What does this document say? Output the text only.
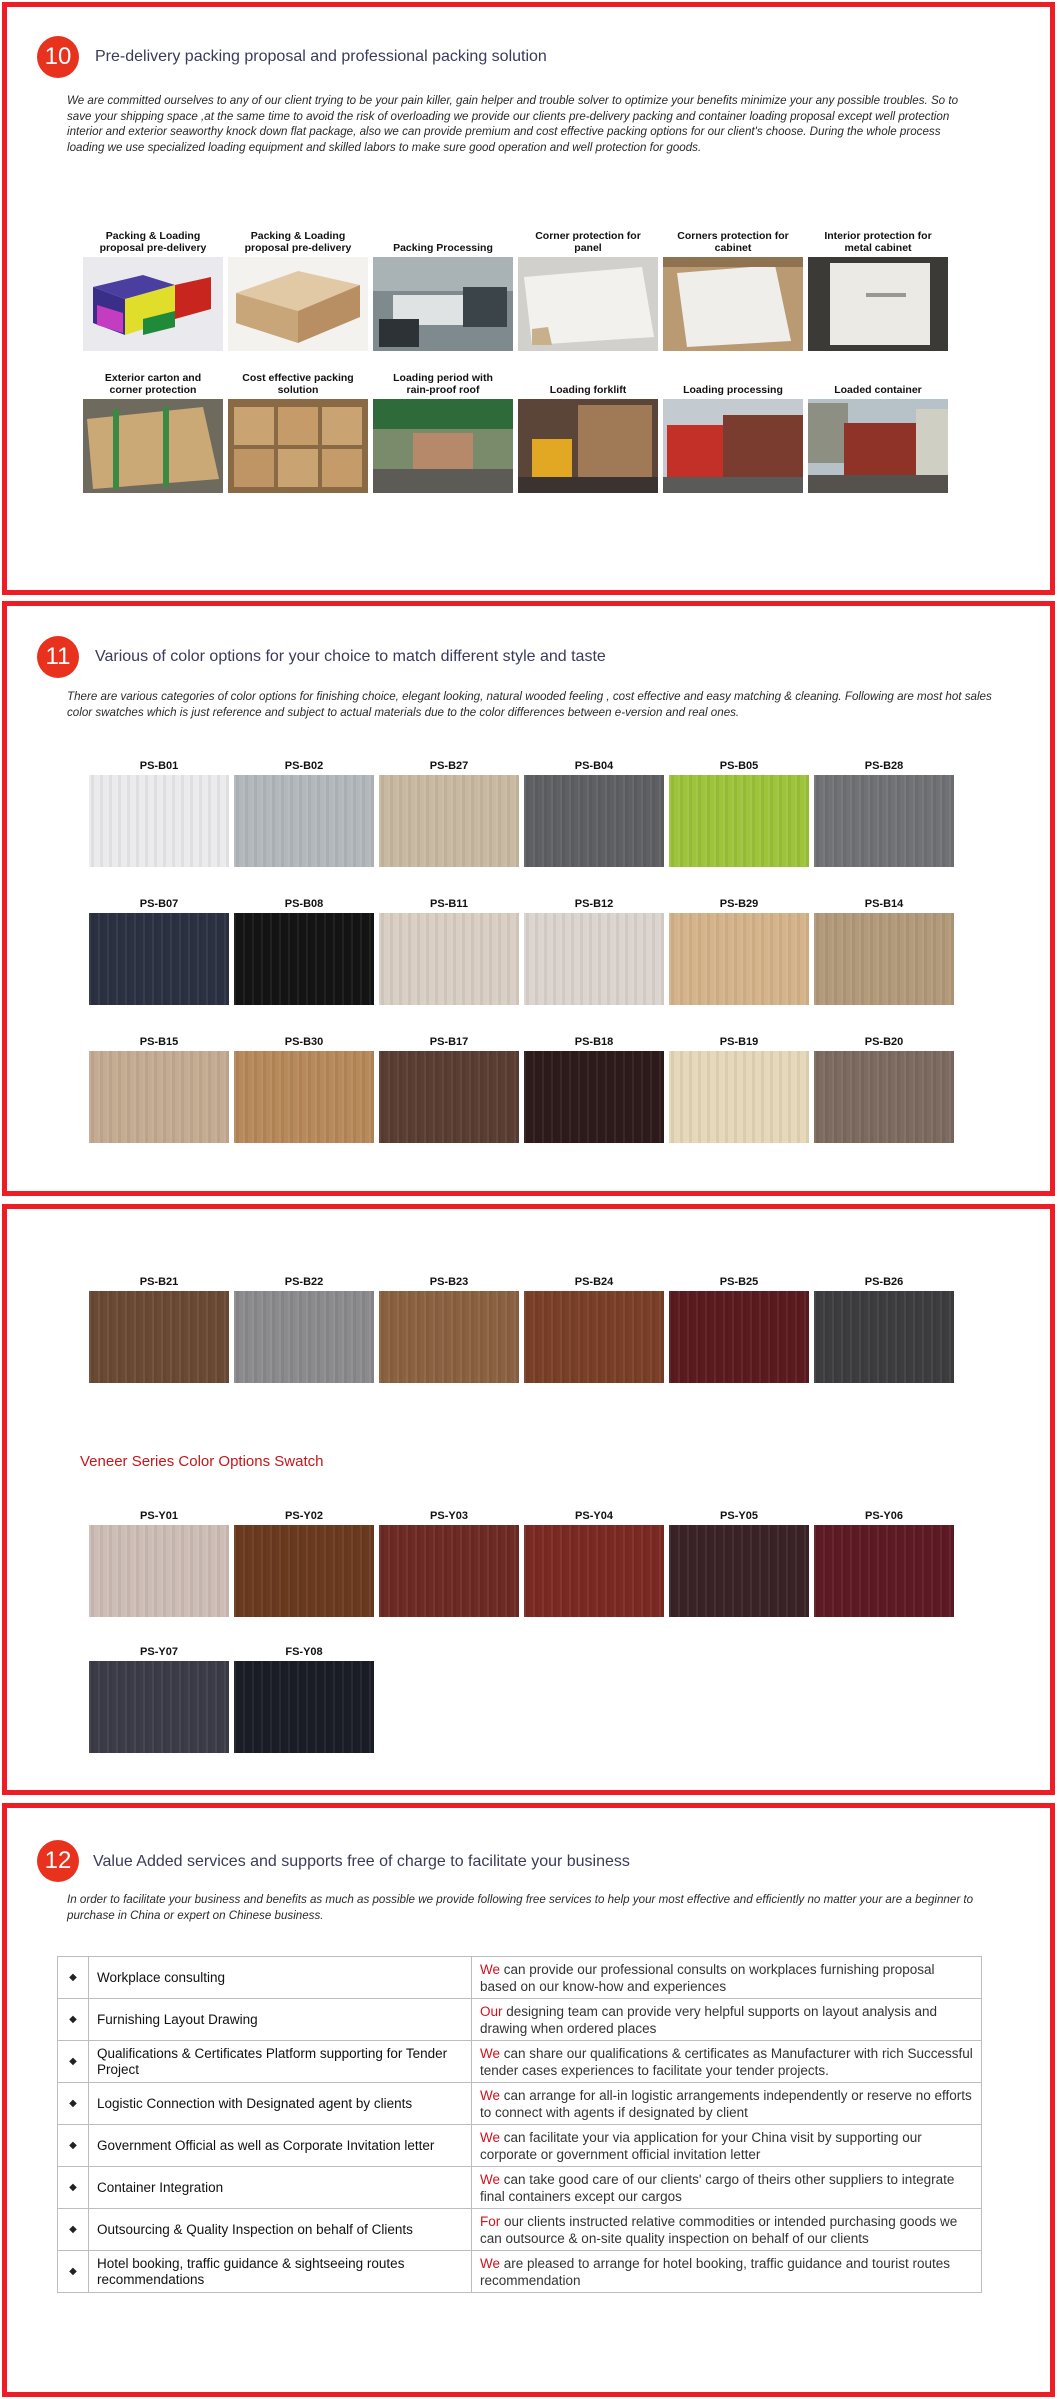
10	Pre-delivery packing proposal and professional packing solution
We are committed ourselves to any of our client trying to be your pain killer, gain helper and trouble solver to optimize your benefits minimize your any possible troubles. So to save your shipping space ,at the same time to avoid the risk of overloading we provide our clients pre-delivery packing and container loading proposal except well protection interior and exterior seaworthy knock down flat package, also we can provide premium and cost effective packing options for our client's choose. During the whole process loading we use specialized loading equipment and skilled labors to make sure good operation and well protection for goods.
Packing & Loading
proposal pre-delivery
Packing & Loading
proposal pre-delivery	Packing Processing
Corner protection for
panel
Corners protection for
cabinet
Interior protection for
metal cabinet
Exterior carton and
corner protection
Cost effective packing
solution
Loading period with
rain-proof roof	Loading forklift	Loading processing	Loaded container
11	Various of color options for your choice to match different style and taste
There are various categories of color options for finishing choice, elegant looking, natural wooded feeling , cost effective and easy matching & cleaning. Following are most hot sales color swatches which is just reference and subject to actual materials due to the color differences between e-version and real ones.
PS-B01	PS-B02	PS-B27	PS-B04	PS-B05	PS-B28
PS-B07	PS-B08	PS-B11	PS-B12	PS-B29	PS-B14
PS-B15	PS-B30	PS-B17	PS-B18	PS-B19	PS-B20
PS-B21	PS-B22	PS-B23	PS-B24	PS-B25	PS-B26
Veneer Series Color Options Swatch
PS-Y01	PS-Y02	PS-Y03	PS-Y04	PS-Y05	PS-Y06
PS-Y07	FS-Y08
12	Value Added services and supports free of charge to facilitate your business
In order to facilitate your business and benefits as much as possible we provide following free services to help your most effective and efficiently no matter your are a beginner to purchase in China or expert on Chinese business.
◆	Workplace consulting	We can provide our professional consults on workplaces furnishing proposal based on our know-how and experiences
◆	Furnishing Layout Drawing	Our designing team can provide very helpful supports on layout analysis and drawing when ordered places
◆	Qualifications & Certificates Platform supporting for Tender Project	We can share our qualifications & certificates as Manufacturer with rich Successful tender cases experiences to facilitate your tender projects.
◆	Logistic Connection with Designated agent by clients	We can arrange for all-in logistic arrangements independently or reserve no efforts to connect with agents if designated by client
◆	Government Official as well as Corporate Invitation letter	We can facilitate your via application for your China visit by supporting our corporate or government official invitation letter
◆	Container Integration	We can take good care of our clients' cargo of theirs other suppliers to integrate final containers except our cargos
◆	Outsourcing & Quality Inspection on behalf of Clients	For our clients instructed relative commodities or intended purchasing goods we can outsource & on-site quality inspection on behalf of our clients
◆	Hotel booking, traffic guidance & sightseeing routes recommendations	We are pleased to arrange for hotel booking, traffic guidance and tourist routes recommendation
